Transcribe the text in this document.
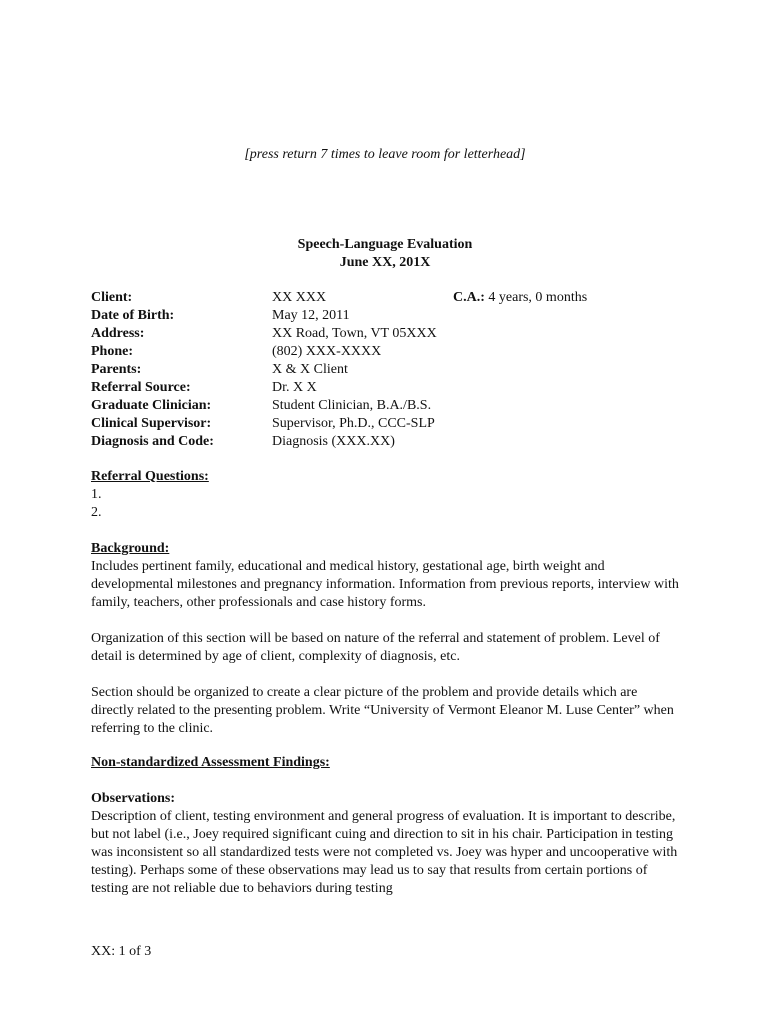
[press return 7 times to leave room for letterhead]
Speech-Language Evaluation
June XX, 201X
Client:	XX XXX	C.A.: 4 years, 0 months
Date of Birth:	May 12, 2011
Address:	XX Road, Town, VT 05XXX
Phone:	(802) XXX-XXXX
Parents:	X & X Client
Referral Source:	Dr. X X
Graduate Clinician:	Student Clinician, B.A./B.S.
Clinical Supervisor:	Supervisor, Ph.D., CCC-SLP
Diagnosis and Code:	Diagnosis (XXX.XX)
Referral Questions:
1.
2.
Background:

Includes pertinent family, educational and medical history, gestational age, birth weight and developmental milestones and pregnancy information. Information from previous reports, interview with family, teachers, other professionals and case history forms.

Organization of this section will be based on nature of the referral and statement of problem. Level of detail is determined by age of client, complexity of diagnosis, etc.

Section should be organized to create a clear picture of the problem and provide details which are directly related to the presenting problem. Write “University of Vermont Eleanor M. Luse Center” when referring to the clinic.

Non-standardized Assessment Findings:
Observations:

Description of client, testing environment and general progress of evaluation. It is important to describe, but not label (i.e., Joey required significant cuing and direction to sit in his chair. Participation in testing was inconsistent so all standardized tests were not completed vs. Joey was hyper and uncooperative with testing). Perhaps some of these observations may lead us to say that results from certain portions of testing are not reliable due to behaviors during testing

XX: 1 of 3
